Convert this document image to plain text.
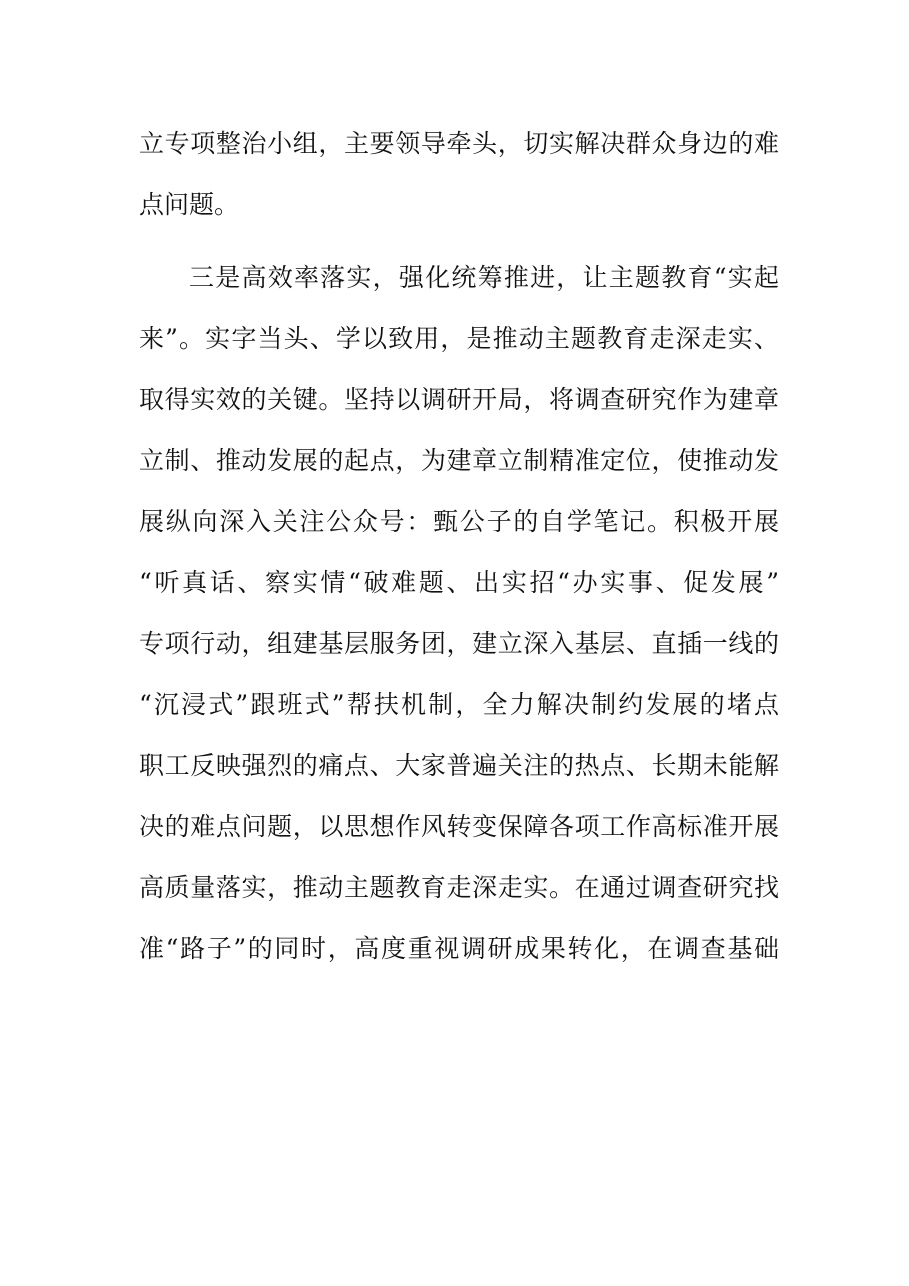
立专项整治小组，主要领导牵头，切实解决群众身边的难
点问题。
三是高效率落实，强化统筹推进，让主题教育“实起
来”。实字当头、学以致用，是推动主题教育走深走实、
取得实效的关键。坚持以调研开局，将调查研究作为建章
立制、推动发展的起点，为建章立制精准定位，使推动发
展纵向深入关注公众号：甄公子的自学笔记。积极开展
“听真话、察实情“破难题、出实招“办实事、促发展”
专项行动，组建基层服务团，建立深入基层、直插一线的
“沉浸式”跟班式”帮扶机制，全力解决制约发展的堵点
职工反映强烈的痛点、大家普遍关注的热点、长期未能解
决的难点问题，以思想作风转变保障各项工作高标准开展
高质量落实，推动主题教育走深走实。在通过调查研究找
准“路子”的同时，高度重视调研成果转化，在调查基础
